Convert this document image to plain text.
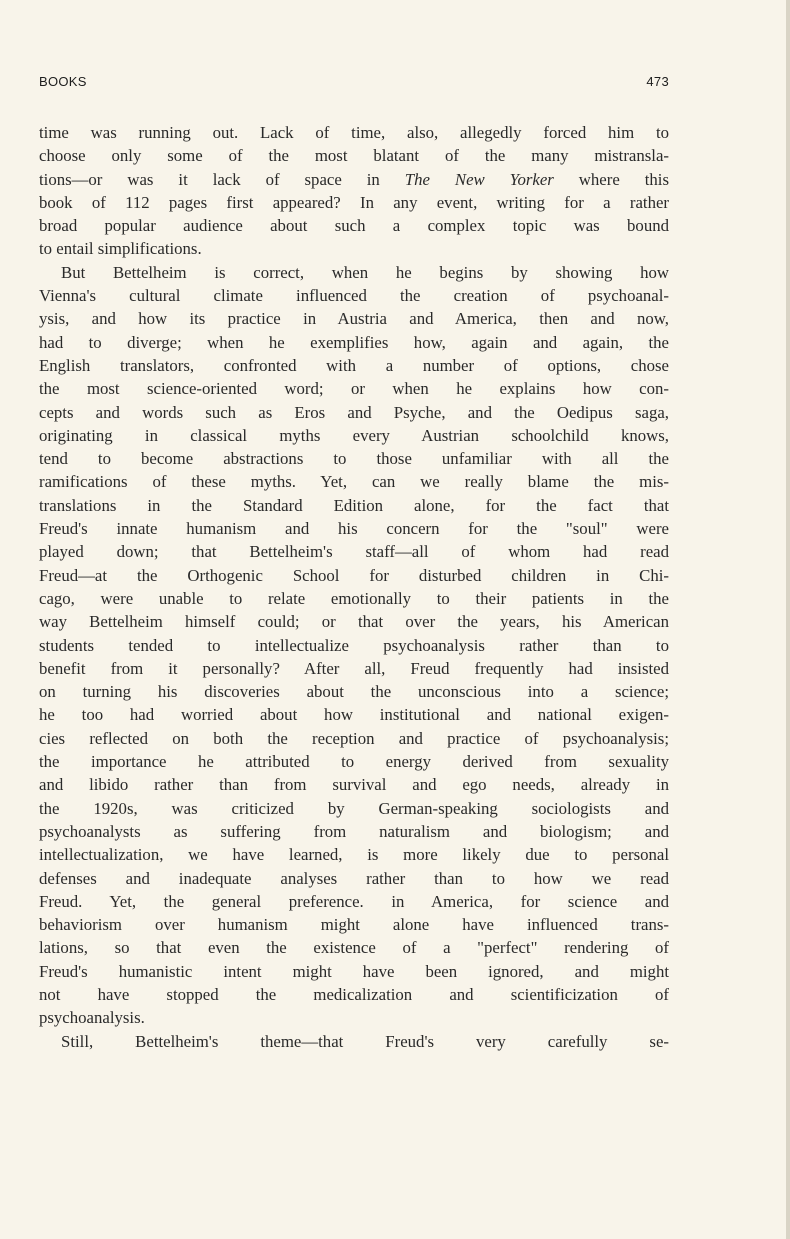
BOOKS	473
time was running out. Lack of time, also, allegedly forced him to
choose only some of the most blatant of the many mistransla-
tions—or was it lack of space in The New Yorker where this
book of 112 pages first appeared? In any event, writing for a rather
broad popular audience about such a complex topic was bound
to entail simplifications.
But Bettelheim is correct, when he begins by showing how
Vienna's cultural climate influenced the creation of psychoanal-
ysis, and how its practice in Austria and America, then and now,
had to diverge; when he exemplifies how, again and again, the
English translators, confronted with a number of options, chose
the most science-oriented word; or when he explains how con-
cepts and words such as Eros and Psyche, and the Oedipus saga,
originating in classical myths every Austrian schoolchild knows,
tend to become abstractions to those unfamiliar with all the
ramifications of these myths. Yet, can we really blame the mis-
translations in the Standard Edition alone, for the fact that
Freud's innate humanism and his concern for the "soul" were
played down; that Bettelheim's staff—all of whom had read
Freud—at the Orthogenic School for disturbed children in Chi-
cago, were unable to relate emotionally to their patients in the
way Bettelheim himself could; or that over the years, his American
students tended to intellectualize psychoanalysis rather than to
benefit from it personally? After all, Freud frequently had insisted
on turning his discoveries about the unconscious into a science;
he too had worried about how institutional and national exigen-
cies reflected on both the reception and practice of psychoanalysis;
the importance he attributed to energy derived from sexuality
and libido rather than from survival and ego needs, already in
the 1920s, was criticized by German-speaking sociologists and
psychoanalysts as suffering from naturalism and biologism; and
intellectualization, we have learned, is more likely due to personal
defenses and inadequate analyses rather than to how we read
Freud. Yet, the general preference. in America, for science and
behaviorism over humanism might alone have influenced trans-
lations, so that even the existence of a "perfect" rendering of
Freud's humanistic intent might have been ignored, and might
not have stopped the medicalization and scientificization of
psychoanalysis.
Still, Bettelheim's theme—that Freud's very carefully se-
